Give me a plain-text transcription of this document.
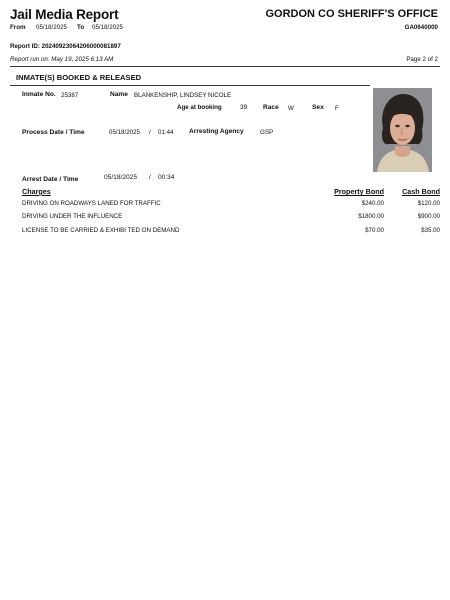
Jail Media Report	GORDON CO SHERIFF'S OFFICE
From 05/18/2025 To 05/18/2025	GA0640000
Report ID: 20240923064206000081897
Report run on: May 19, 2025 6:13 AM	Page 2 of 2
INMATE(S) BOOKED & RELEASED
Inmate No. 25387	Name BLANKENSHIP, LINDSEY NICOLE
Age at booking	39 Race W	Sex F
Process Date / Time	05/18/2025 / 01:44 Arresting Agency	GSP
Arrest Date / Time	05/18/2025 / 00:34
Charges	Property Bond	Cash Bond
DRIVING ON ROADWAYS LANED FOR TRAFFIC	$240.00	$120.00
DRIVING UNDER THE INFLUENCE	$1800.00	$900.00
LICENSE TO BE CARRIED & EXHIBI TED ON DEMAND	$70.00	$35.00
